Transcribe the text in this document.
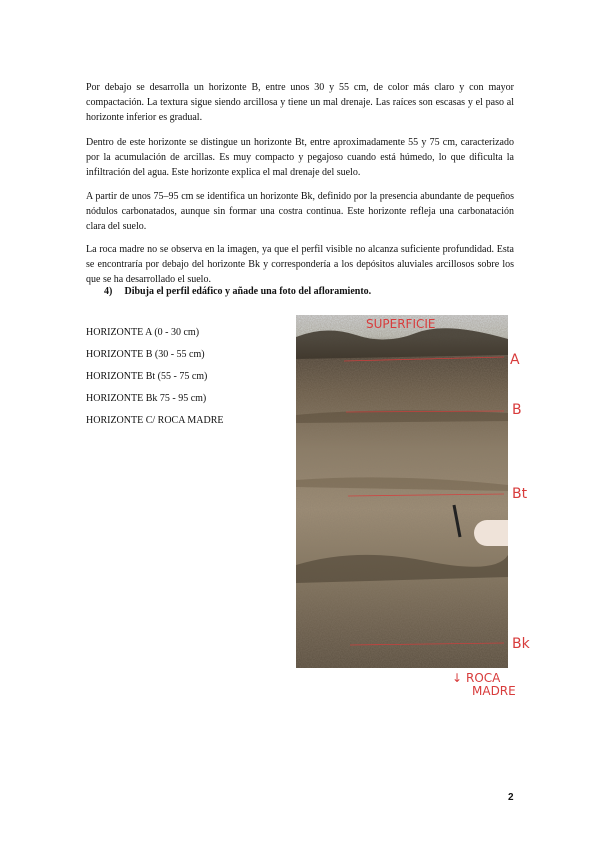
Por debajo se desarrolla un horizonte B, entre unos 30 y 55 cm, de color más claro y con mayor compactación. La textura sigue siendo arcillosa y tiene un mal drenaje. Las raíces son escasas y el paso al horizonte inferior es gradual.

Dentro de este horizonte se distingue un horizonte Bt, entre aproximadamente 55 y 75 cm, caracterizado por la acumulación de arcillas. Es muy compacto y pegajoso cuando está húmedo, lo que dificulta la infiltración del agua. Este horizonte explica el mal drenaje del suelo.

A partir de unos 75–95 cm se identifica un horizonte Bk, definido por la presencia abundante de pequeños nódulos carbonatados, aunque sin formar una costra continua. Este horizonte refleja una carbonatación clara del suelo.

La roca madre no se observa en la imagen, ya que el perfil visible no alcanza suficiente profundidad. Esta se encontraría por debajo del horizonte Bk y correspondería a los depósitos aluviales arcillosos sobre los que se ha desarrollado el suelo.

4) Dibuja el perfil edáfico y añade una foto del afloramiento.
HORIZONTE A (0 - 30 cm)
HORIZONTE B (30 - 55 cm)
HORIZONTE Bt (55 - 75 cm)
HORIZONTE Bk 75 - 95 cm)
HORIZONTE C/ ROCA MADRE
SUPERFICIE
A
B
Bt
Bk
↓ ROCA
MADRE
2
